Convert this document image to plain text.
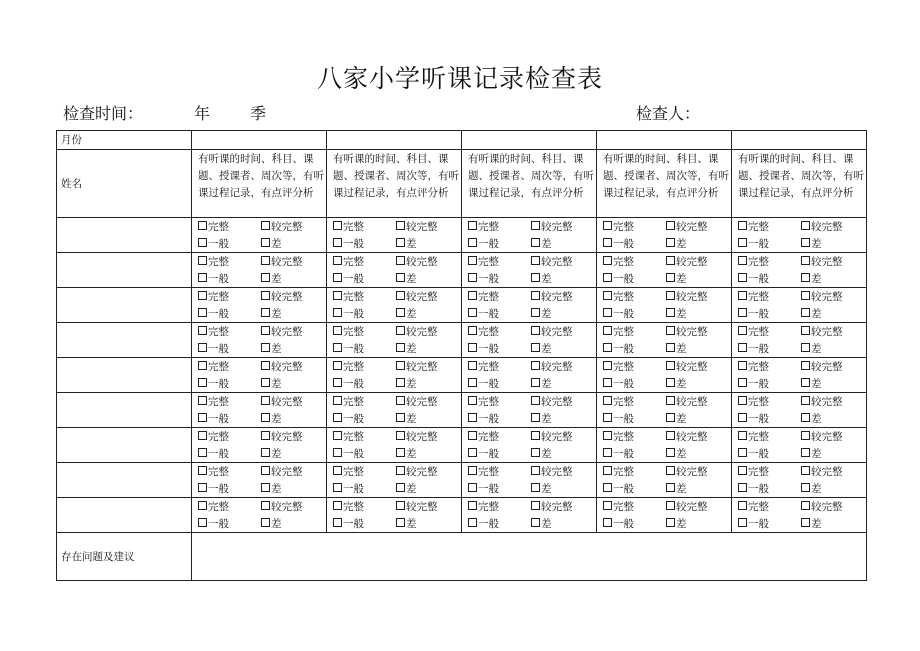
八家小学听课记录检查表
检查时间：	年 季	检查人：
月份					
姓名	有听课的时间、科目、课题、授课者、周次等，有听课过程记录，有点评分析	有听课的时间、科目、课题、授课者、周次等，有听课过程记录，有点评分析	有听课的时间、科目、课题、授课者、周次等，有听课过程记录，有点评分析	有听课的时间、科目、课题、授课者、周次等，有听课过程记录，有点评分析	有听课的时间、科目、课题、授课者、周次等，有听课过程记录，有点评分析

	完整 较完整
一般 差	完整 较完整
一般 差	完整 较完整
一般 差	完整 较完整
一般 差	完整 较完整
一般 差

	完整 较完整
一般 差	完整 较完整
一般 差	完整 较完整
一般 差	完整 较完整
一般 差	完整 较完整
一般 差

	完整 较完整
一般 差	完整 较完整
一般 差	完整 较完整
一般 差	完整 较完整
一般 差	完整 较完整
一般 差

	完整 较完整
一般 差	完整 较完整
一般 差	完整 较完整
一般 差	完整 较完整
一般 差	完整 较完整
一般 差

	完整 较完整
一般 差	完整 较完整
一般 差	完整 较完整
一般 差	完整 较完整
一般 差	完整 较完整
一般 差

	完整 较完整
一般 差	完整 较完整
一般 差	完整 较完整
一般 差	完整 较完整
一般 差	完整 较完整
一般 差

	完整 较完整
一般 差	完整 较完整
一般 差	完整 较完整
一般 差	完整 较完整
一般 差	完整 较完整
一般 差

	完整 较完整
一般 差	完整 较完整
一般 差	完整 较完整
一般 差	完整 较完整
一般 差	完整 较完整
一般 差

	完整 较完整
一般 差	完整 较完整
一般 差	完整 较完整
一般 差	完整 较完整
一般 差	完整 较完整
一般 差

存在问题及建议					
